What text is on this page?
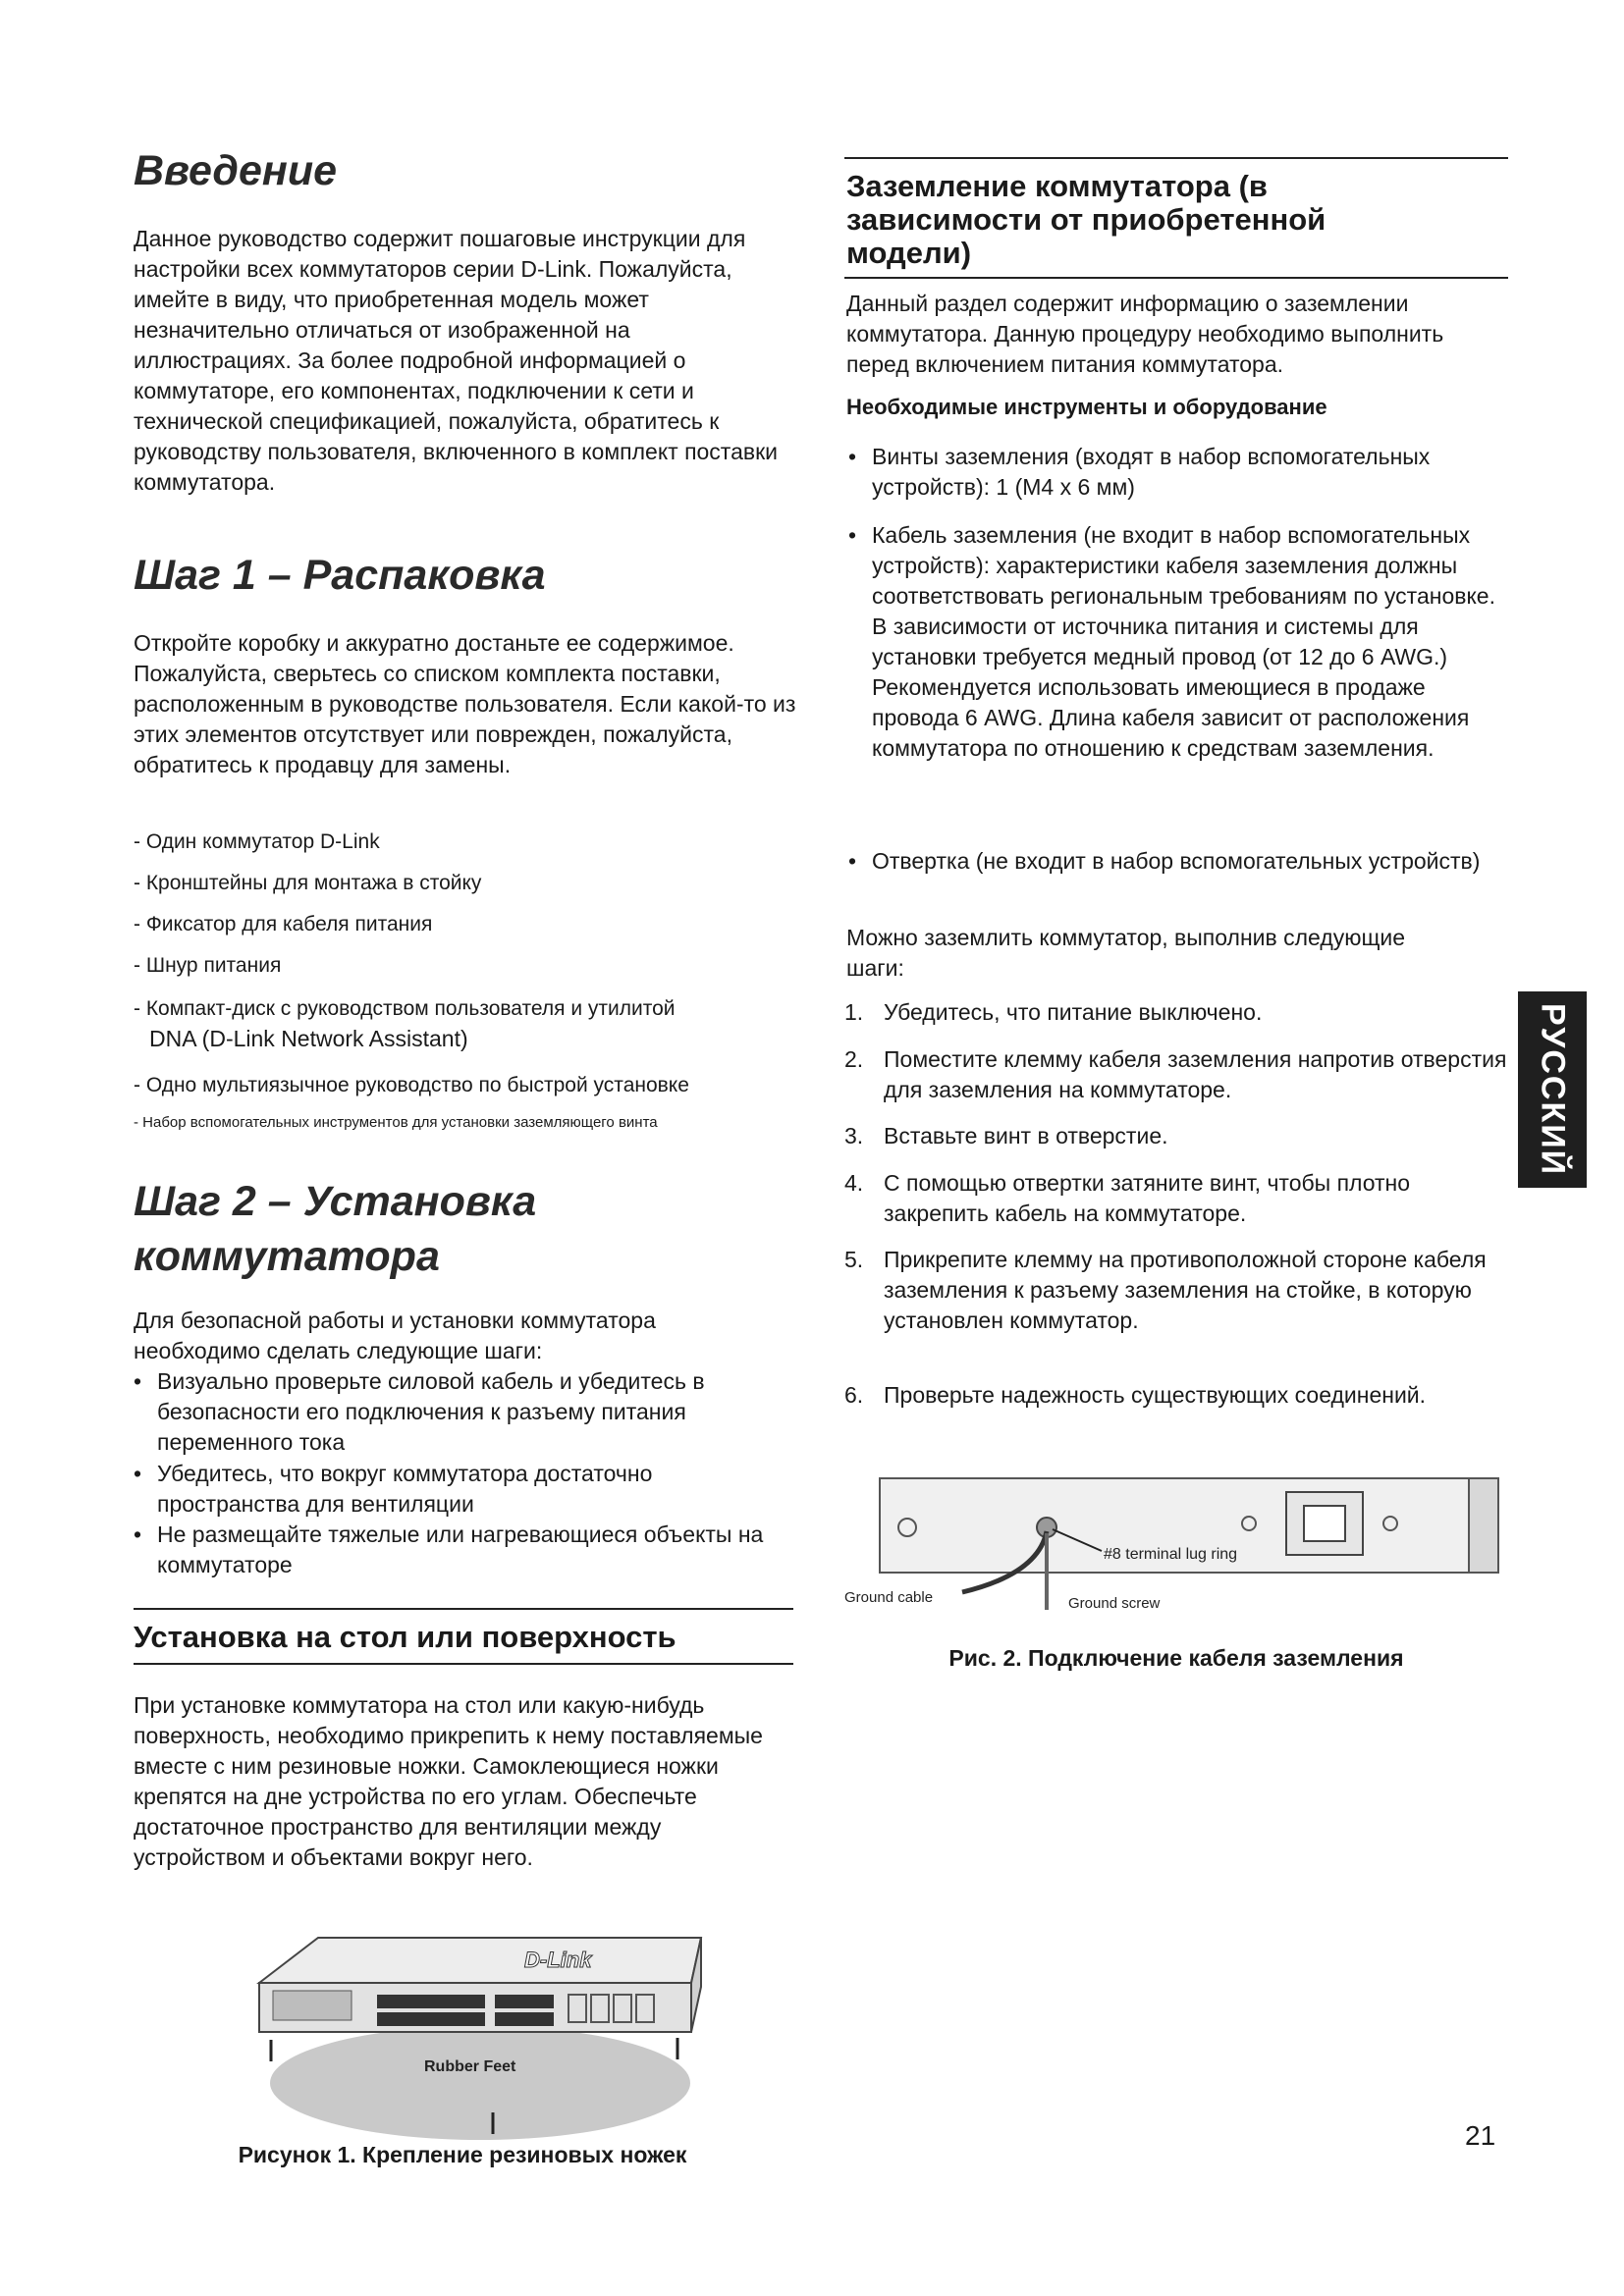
Введение

Данное руководство содержит пошаговые инструкции для настройки всех коммутаторов серии D-Link. Пожалуйста, имейте в виду, что приобретенная модель может незначительно отличаться от изображенной на иллюстрациях. За более подробной информацией о коммутаторе, его компонентах, подключении к сети и технической спецификацией, пожалуйста, обратитесь к руководству пользователя, включенного в комплект поставки коммутатора.

Шаг 1 – Распаковка

Откройте коробку и аккуратно достаньте ее содержимое. Пожалуйста, сверьтесь со списком комплекта поставки, расположенным в руководстве пользователя. Если какой-то из этих элементов отсутствует или поврежден, пожалуйста, обратитесь к продавцу для замены.

- Один коммутатор D-Link
- Кронштейны для монтажа в стойку
- Фиксатор для кабеля питания
- Шнур питания
- Компакт-диск с руководством пользователя и утилитой
DNA (D-Link Network Assistant)
- Одно мультиязычное руководство по быстрой установке
- Набор вспомогательных инструментов для установки заземляющего винта
Шаг 2 – Установка
коммутатора

Для безопасной работы и установки коммутатора необходимо сделать следующие шаги:

• Визуально проверьте силовой кабель и убедитесь в безопасности его подключения к разъему питания переменного тока

• Убедитесь, что вокруг коммутатора достаточно пространства для вентиляции

• Не размещайте тяжелые или нагревающиеся объекты на коммутаторе

Установка на стол или поверхность

При установке коммутатора на стол или какую-нибудь поверхность, необходимо прикрепить к нему поставляемые вместе с ним резиновые ножки. Самоклеющиеся ножки крепятся на дне устройства по его углам. Обеспечьте достаточное пространство для вентиляции между устройством и объектами вокруг него.

D-Link
Rubber Feet
Рисунок 1. Крепление резиновых ножек
Заземление коммутатора (в
зависимости от приобретенной
модели)

Данный раздел содержит информацию о заземлении коммутатора. Данную процедуру необходимо выполнить перед включением питания коммутатора.

Необходимые инструменты и оборудование
• Винты заземления (входят в набор вспомогательных устройств): 1 (М4 x 6 мм)

• Кабель заземления (не входит в набор вспомогательных устройств): характеристики кабеля заземления должны соответствовать региональным требованиям по установке. В зависимости от источника питания и системы для установки требуется медный провод (от 12 до 6 AWG.) Рекомендуется использовать имеющиеся в продаже провода 6 AWG. Длина кабеля зависит от расположения коммутатора по отношению к средствам заземления.

• Отвертка (не входит в набор вспомогательных устройств)

Можно заземлить коммутатор, выполнив следующие шаги:

1. Убедитесь, что питание выключено.

2. Поместите клемму кабеля заземления напротив отверстия для заземления на коммутаторе.

3. Вставьте винт в отверстие.

4. С помощью отвертки затяните винт, чтобы плотно закрепить кабель на коммутаторе.

5. Прикрепите клемму на противоположной стороне кабеля заземления к разъему заземления на стойке, в которую установлен коммутатор.

6. Проверьте надежность существующих соединений.

#8 terminal lug ring
Ground cable	Ground screw
Рис. 2. Подключение кабеля заземления
РУССКИЙ
21
